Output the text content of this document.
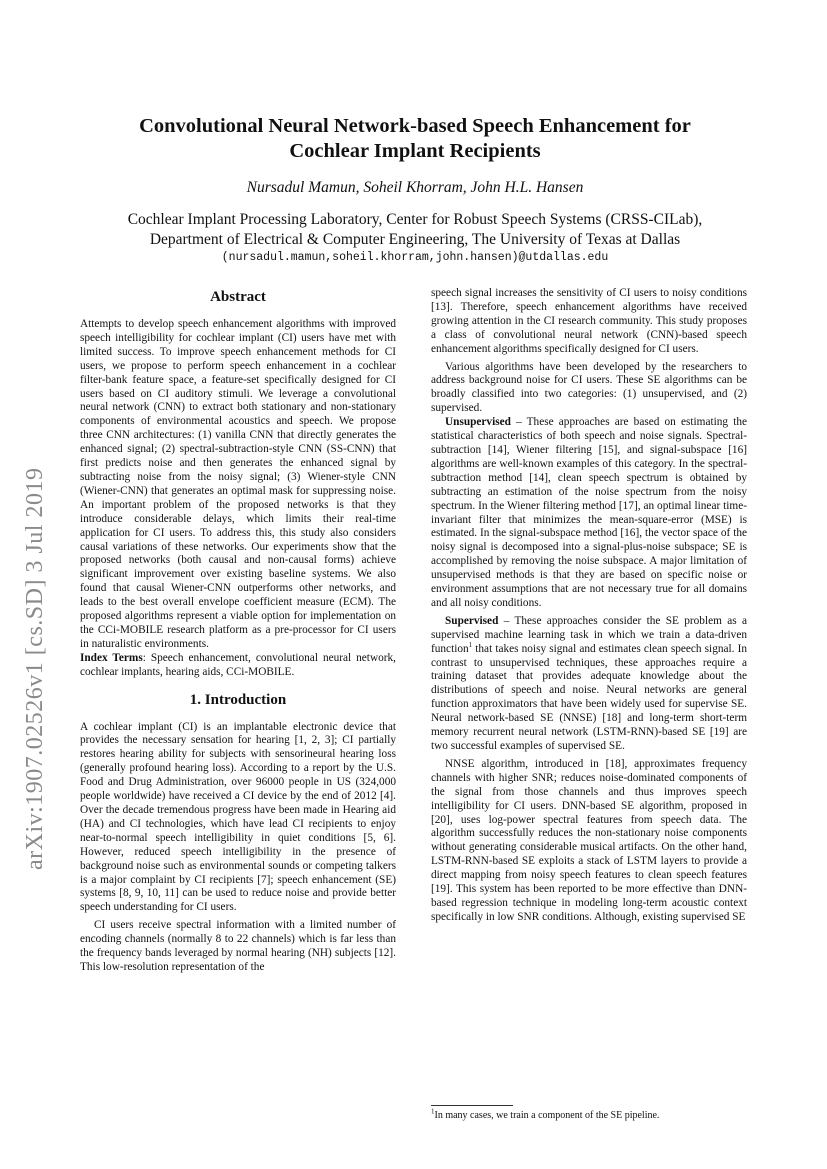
arXiv:1907.02526v1 [cs.SD] 3 Jul 2019
Convolutional Neural Network-based Speech Enhancement for
Cochlear Implant Recipients
Nursadul Mamun, Soheil Khorram, John H.L. Hansen
Cochlear Implant Processing Laboratory, Center for Robust Speech Systems (CRSS-CILab),
Department of Electrical & Computer Engineering, The University of Texas at Dallas
(nursadul.mamun,soheil.khorram,john.hansen)@utdallas.edu
Abstract

Attempts to develop speech enhancement algorithms with improved speech intelligibility for cochlear implant (CI) users have met with limited success. To improve speech enhancement methods for CI users, we propose to perform speech enhancement in a cochlear filter-bank feature space, a feature-set specifically designed for CI users based on CI auditory stimuli. We leverage a convolutional neural network (CNN) to extract both stationary and non-stationary components of environmental acoustics and speech. We propose three CNN architectures: (1) vanilla CNN that directly generates the enhanced signal; (2) spectral-subtraction-style CNN (SS-CNN) that first predicts noise and then generates the enhanced signal by subtracting noise from the noisy signal; (3) Wiener-style CNN (Wiener-CNN) that generates an optimal mask for suppressing noise. An important problem of the proposed networks is that they introduce considerable delays, which limits their real-time application for CI users. To address this, this study also considers causal variations of these networks. Our experiments show that the proposed networks (both causal and non-causal forms) achieve significant improvement over existing baseline systems. We also found that causal Wiener-CNN outperforms other networks, and leads to the best overall envelope coefficient measure (ECM). The proposed algorithms represent a viable option for implementation on the CCi-MOBILE research platform as a pre-processor for CI users in naturalistic environments.

Index Terms: Speech enhancement, convolutional neural network, cochlear implants, hearing aids, CCi-MOBILE.

1. Introduction

A cochlear implant (CI) is an implantable electronic device that provides the necessary sensation for hearing [1, 2, 3]; CI partially restores hearing ability for subjects with sensorineural hearing loss (generally profound hearing loss). According to a report by the U.S. Food and Drug Administration, over 96000 people in US (324,000 people worldwide) have received a CI device by the end of 2012 [4]. Over the decade tremendous progress have been made in Hearing aid (HA) and CI technologies, which have lead CI recipients to enjoy near-to-normal speech intelligibility in quiet conditions [5, 6]. However, reduced speech intelligibility in the presence of background noise such as environmental sounds or competing talkers is a major complaint by CI recipients [7]; speech enhancement (SE) systems [8, 9, 10, 11] can be used to reduce noise and provide better speech understanding for CI users.

CI users receive spectral information with a limited number of encoding channels (normally 8 to 22 channels) which is far less than the frequency bands leveraged by normal hearing (NH) subjects [12]. This low-resolution representation of the

speech signal increases the sensitivity of CI users to noisy conditions [13]. Therefore, speech enhancement algorithms have received growing attention in the CI research community. This study proposes a class of convolutional neural network (CNN)-based speech enhancement algorithms specifically designed for CI users.

Various algorithms have been developed by the researchers to address background noise for CI users. These SE algorithms can be broadly classified into two categories: (1) unsupervised, and (2) supervised.

Unsupervised – These approaches are based on estimating the statistical characteristics of both speech and noise signals. Spectral-subtraction [14], Wiener filtering [15], and signal-subspace [16] algorithms are well-known examples of this category. In the spectral-subtraction method [14], clean speech spectrum is obtained by subtracting an estimation of the noise spectrum from the noisy spectrum. In the Wiener filtering method [17], an optimal linear time-invariant filter that minimizes the mean-square-error (MSE) is estimated. In the signal-subspace method [16], the vector space of the noisy signal is decomposed into a signal-plus-noise subspace; SE is accomplished by removing the noise subspace. A major limitation of unsupervised methods is that they are based on specific noise or environment assumptions that are not necessary true for all domains and all noisy conditions.

Supervised – These approaches consider the SE problem as a supervised machine learning task in which we train a data-driven function$^1$ that takes noisy signal and estimates clean speech signal. In contrast to unsupervised techniques, these approaches require a training dataset that provides adequate knowledge about the distributions of speech and noise. Neural networks are general function approximators that have been widely used for supervise SE. Neural network-based SE (NNSE) [18] and long-term short-term memory recurrent neural network (LSTM-RNN)-based SE [19] are two successful examples of supervised SE.

NNSE algorithm, introduced in [18], approximates frequency channels with higher SNR; reduces noise-dominated components of the signal from those channels and thus improves speech intelligibility for CI users. DNN-based SE algorithm, proposed in [20], uses log-power spectral features from speech data. The algorithm successfully reduces the non-stationary noise components without generating considerable musical artifacts. On the other hand, LSTM-RNN-based SE exploits a stack of LSTM layers to provide a direct mapping from noisy speech features to clean speech features [19]. This system has been reported to be more effective than DNN-based regression technique in modeling long-term acoustic context specifically in low SNR conditions. Although, existing supervised SE

$^1$In many cases, we train a component of the SE pipeline.
